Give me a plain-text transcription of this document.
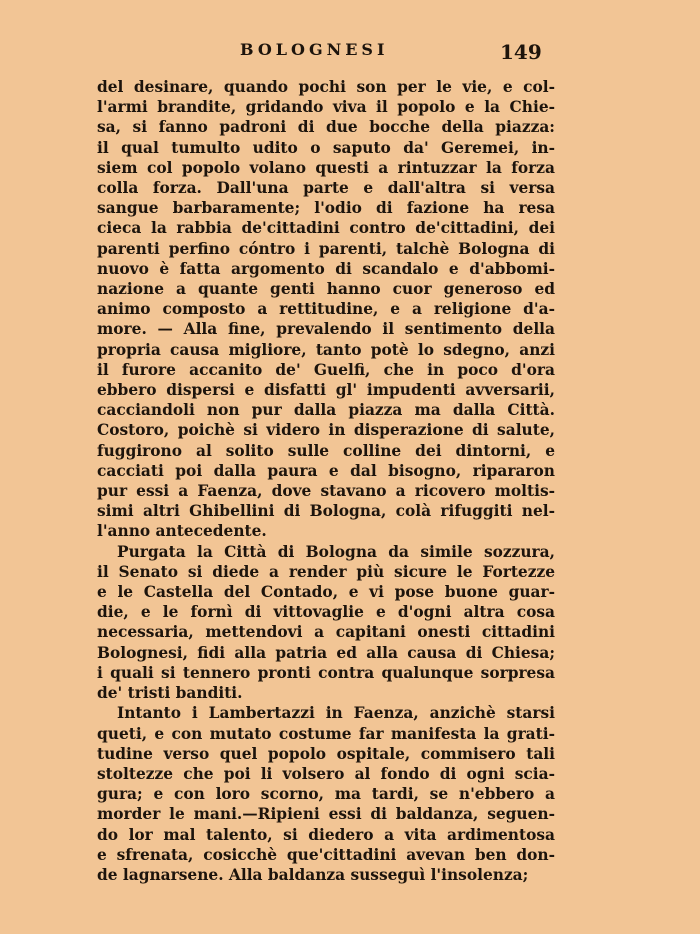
BOLOGNESI	149
del desinare, quando pochi son per le vie, e col-
l'armi brandite, gridando viva il popolo e la Chie-
sa, si fanno padroni di due bocche della piazza:
il qual tumulto udito o saputo da' Geremei, in-
siem col popolo volano questi a rintuzzar la forza
colla forza. Dall'una parte e dall'altra si versa
sangue barbaramente; l'odio di fazione ha resa
cieca la rabbia de'cittadini contro de'cittadini, dei
parenti perfino cóntro i parenti, talchè Bologna di
nuovo è fatta argomento di scandalo e d'abbomi-
nazione a quante genti hanno cuor generoso ed
animo composto a rettitudine, e a religione d'a-
more. — Alla fine, prevalendo il sentimento della
propria causa migliore, tanto potè lo sdegno, anzi
il furore accanito de' Guelfi, che in poco d'ora
ebbero dispersi e disfatti gl' impudenti avversarii,
cacciandoli non pur dalla piazza ma dalla Città.
Costoro, poichè si videro in disperazione di salute,
fuggirono al solito sulle colline dei dintorni, e
cacciati poi dalla paura e dal bisogno, ripararon
pur essi a Faenza, dove stavano a ricovero moltis-
simi altri Ghibellini di Bologna, colà rifuggiti nel-
l'anno antecedente.
Purgata la Città di Bologna da simile sozzura,
il Senato si diede a render più sicure le Fortezze
e le Castella del Contado, e vi pose buone guar-
die, e le fornì di vittovaglie e d'ogni altra cosa
necessaria, mettendovi a capitani onesti cittadini
Bolognesi, fidi alla patria ed alla causa di Chiesa;
i quali si tennero pronti contra qualunque sorpresa
de' tristi banditi.
Intanto i Lambertazzi in Faenza, anzichè starsi
queti, e con mutato costume far manifesta la grati-
tudine verso quel popolo ospitale, commisero tali
stoltezze che poi li volsero al fondo di ogni scia-
gura; e con loro scorno, ma tardi, se n'ebbero a
morder le mani.—Ripieni essi di baldanza, seguen-
do lor mal talento, si diedero a vita ardimentosa
e sfrenata, cosicchè que'cittadini avevan ben don-
de lagnarsene. Alla baldanza susseguì l'insolenza;
